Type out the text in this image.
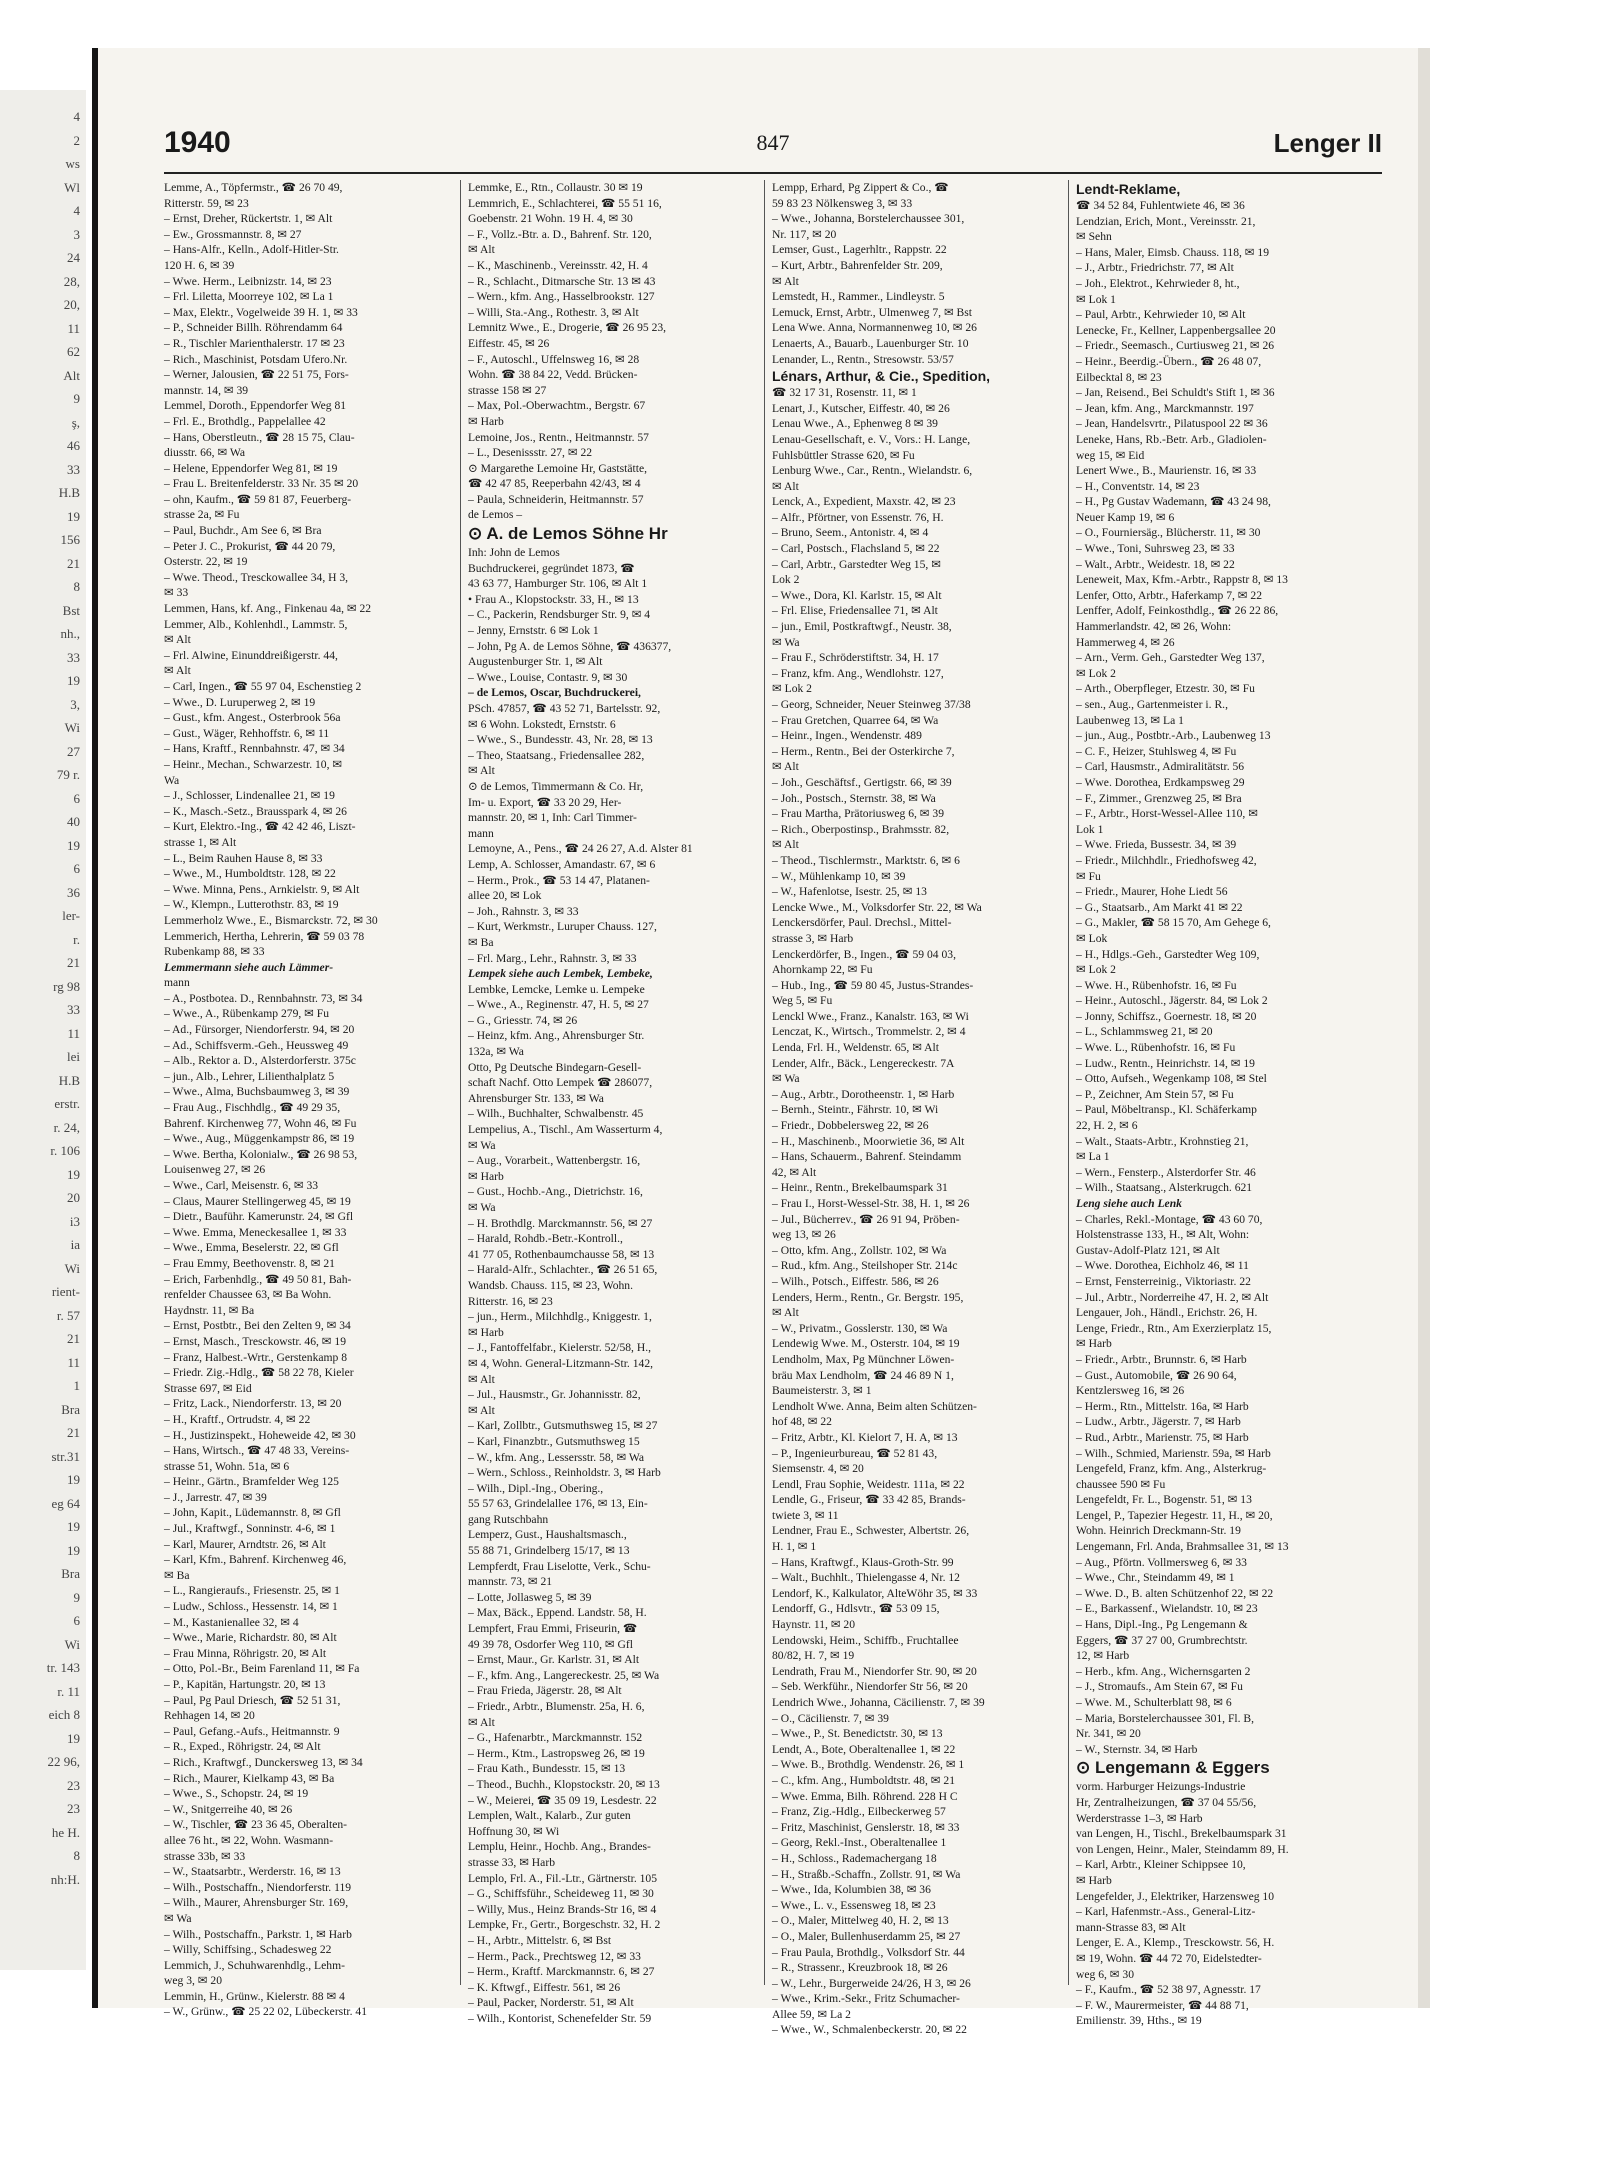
4
2
ws
Wl
4
3
24
28,
20,
11
62
Alt
9
ş,
46
33
H.B
19
156
21
8
Bst
nh.,
33
19
3,
Wi
27
79 r.
6
40
19
6
36
ler-
r.
21
rg 98
33
11
lei
H.B
erstr.
r. 24,
r. 106
19
20
i3
ia
Wi
rient-
r. 57
21
11
1
Bra
21
str.31
19
eg 64
19
19
Bra
9
6
Wi
tr. 143
r. 11
eich 8
19
22 96,
23
23
he H.
8
nh:H.
1940	847	Lenger II
Lemme, A., Töpfermstr., ☎ 26 70 49,
Ritterstr. 59, ✉ 23
– Ernst, Dreher, Rückertstr. 1, ✉ Alt
– Ew., Grossmannstr. 8, ✉ 27
– Hans-Alfr., Kelln., Adolf-Hitler-Str.
120 H. 6, ✉ 39
– Wwe. Herm., Leibnizstr. 14, ✉ 23
– Frl. Liletta, Moorreye 102, ✉ La 1
– Max, Elektr., Vogelweide 39 H. 1, ✉ 33
– P., Schneider Billh. Röhrendamm 64
– R., Tischler Marienthalerstr. 17 ✉ 23
– Rich., Maschinist, Potsdam Ufero.Nr.
– Werner, Jalousien, ☎ 22 51 75, Fors-
mannstr. 14, ✉ 39
Lemmel, Doroth., Eppendorfer Weg 81
– Frl. E., Brothdlg., Pappelallee 42
– Hans, Oberstleutn., ☎ 28 15 75, Clau-
diusstr. 66, ✉ Wa
– Helene, Eppendorfer Weg 81, ✉ 19
– Frau L. Breitenfelderstr. 33 Nr. 35 ✉ 20
– ohn, Kaufm., ☎ 59 81 87, Feuerberg-
strasse 2a, ✉ Fu
– Paul, Buchdr., Am See 6, ✉ Bra
– Peter J. C., Prokurist, ☎ 44 20 79,
Osterstr. 22, ✉ 19
– Wwe. Theod., Tresckowallee 34, H 3,
✉ 33
Lemmen, Hans, kf. Ang., Finkenau 4a, ✉ 22
Lemmer, Alb., Kohlenhdl., Lammstr. 5,
✉ Alt
– Frl. Alwine, Einunddreißigerstr. 44,
✉ Alt
– Carl, Ingen., ☎ 55 97 04, Eschenstieg 2
– Wwe., D. Luruperweg 2, ✉ 19
– Gust., kfm. Angest., Osterbrook 56a
– Gust., Wäger, Rehhoffstr. 6, ✉ 11
– Hans, Kraftf., Rennbahnstr. 47, ✉ 34
– Heinr., Mechan., Schwarzestr. 10, ✉
Wa
– J., Schlosser, Lindenallee 21, ✉ 19
– K., Masch.-Setz., Brausspark 4, ✉ 26
– Kurt, Elektro.-Ing., ☎ 42 42 46, Liszt-
strasse 1, ✉ Alt
– L., Beim Rauhen Hause 8, ✉ 33
– Wwe., M., Humboldtstr. 128, ✉ 22
– Wwe. Minna, Pens., Arnkielstr. 9, ✉ Alt
– W., Klempn., Lutterothstr. 83, ✉ 19
Lemmerholz Wwe., E., Bismarckstr. 72, ✉ 30
Lemmerich, Hertha, Lehrerin, ☎ 59 03 78
Rubenkamp 88, ✉ 33
Lemmermann siehe auch Lämmer-
mann
– A., Postbotea. D., Rennbahnstr. 73, ✉ 34
– Wwe., A., Rübenkamp 279, ✉ Fu
– Ad., Fürsorger, Niendorferstr. 94, ✉ 20
– Ad., Schiffsverm.-Geh., Heussweg 49
– Alb., Rektor a. D., Alsterdorferstr. 375c
– jun., Alb., Lehrer, Lilienthalplatz 5
– Wwe., Alma, Buchsbaumweg 3, ✉ 39
– Frau Aug., Fischhdlg., ☎ 49 29 35,
Bahrenf. Kirchenweg 77, Wohn 46, ✉ Fu
– Wwe., Aug., Müggenkampstr 86, ✉ 19
– Wwe. Bertha, Kolonialw., ☎ 26 98 53,
Louisenweg 27, ✉ 26
– Wwe., Carl, Meisenstr. 6, ✉ 33
– Claus, Maurer Stellingerweg 45, ✉ 19
– Dietr., Bauführ. Kamerunstr. 24, ✉ Gfl
– Wwe. Emma, Meneckesallee 1, ✉ 33
– Wwe., Emma, Beselerstr. 22, ✉ Gfl
– Frau Emmy, Beethovenstr. 8, ✉ 21
– Erich, Farbenhdlg., ☎ 49 50 81, Bah-
renfelder Chaussee 63, ✉ Ba Wohn.
Haydnstr. 11, ✉ Ba
– Ernst, Postbtr., Bei den Zelten 9, ✉ 34
– Ernst, Masch., Tresckowstr. 46, ✉ 19
– Franz, Halbest.-Wrtr., Gerstenkamp 8
– Friedr. Zig.-Hdlg., ☎ 58 22 78, Kieler
Strasse 697, ✉ Eid
– Fritz, Lack., Niendorferstr. 13, ✉ 20
– H., Kraftf., Ortrudstr. 4, ✉ 22
– H., Justizinspekt., Hoheweide 42, ✉ 30
– Hans, Wirtsch., ☎ 47 48 33, Vereins-
strasse 51, Wohn. 51a, ✉ 6
– Heinr., Gärtn., Bramfelder Weg 125
– J., Jarrestr. 47, ✉ 39
– John, Kapit., Lüdemannstr. 8, ✉ Gfl
– Jul., Kraftwgf., Sonninstr. 4-6, ✉ 1
– Karl, Maurer, Arndtstr. 26, ✉ Alt
– Karl, Kfm., Bahrenf. Kirchenweg 46,
✉ Ba
– L., Rangieraufs., Friesenstr. 25, ✉ 1
– Ludw., Schloss., Hessenstr. 14, ✉ 1
– M., Kastanienallee 32, ✉ 4
– Wwe., Marie, Richardstr. 80, ✉ Alt
– Frau Minna, Röhrigstr. 20, ✉ Alt
– Otto, Pol.-Br., Beim Farenland 11, ✉ Fa
– P., Kapitän, Hartungstr. 20, ✉ 13
– Paul, Pg Paul Driesch, ☎ 52 51 31,
Rehhagen 14, ✉ 20
– Paul, Gefang.-Aufs., Heitmannstr. 9
– R., Exped., Röhrigstr. 24, ✉ Alt
– Rich., Kraftwgf., Dunckersweg 13, ✉ 34
– Rich., Maurer, Kielkamp 43, ✉ Ba
– Wwe., S., Schopstr. 24, ✉ 19
– W., Snitgerreihe 40, ✉ 26
– W., Tischler, ☎ 23 36 45, Oberalten-
allee 76 ht., ✉ 22, Wohn. Wasmann-
strasse 33b, ✉ 33
– W., Staatsarbtr., Werderstr. 16, ✉ 13
– Wilh., Postschaffn., Niendorferstr. 119
– Wilh., Maurer, Ahrensburger Str. 169,
✉ Wa
– Wilh., Postschaffn., Parkstr. 1, ✉ Harb
– Willy, Schiffsing., Schadesweg 22
Lemmich, J., Schuhwarenhdlg., Lehm-
weg 3, ✉ 20
Lemmin, H., Grünw., Kielerstr. 88 ✉ 4
– W., Grünw., ☎ 25 22 02, Lübeckerstr. 41
Lemmke, E., Rtn., Collaustr. 30 ✉ 19
Lemmrich, E., Schlachterei, ☎ 55 51 16,
Goebenstr. 21 Wohn. 19 H. 4, ✉ 30
– F., Vollz.-Btr. a. D., Bahrenf. Str. 120,
✉ Alt
– K., Maschinenb., Vereinsstr. 42, H. 4
– R., Schlacht., Ditmarsche Str. 13 ✉ 43
– Wern., kfm. Ang., Hasselbrookstr. 127
– Willi, Sta.-Ang., Rothestr. 3, ✉ Alt
Lemnitz Wwe., E., Drogerie, ☎ 26 95 23,
Eiffestr. 45, ✉ 26
– F., Autoschl., Uffelnsweg 16, ✉ 28
Wohn. ☎ 38 84 22, Vedd. Brücken-
strasse 158 ✉ 27
– Max, Pol.-Oberwachtm., Bergstr. 67
✉ Harb
Lemoine, Jos., Rentn., Heitmannstr. 57
– L., Desenissstr. 27, ✉ 22
⊙ Margarethe Lemoine Hr, Gaststätte,
☎ 42 47 85, Reeperbahn 42/43, ✉ 4
– Paula, Schneiderin, Heitmannstr. 57
de Lemos –
⊙ A. de Lemos Söhne Hr
Inh: John de Lemos
Buchdruckerei, gegründet 1873, ☎
43 63 77, Hamburger Str. 106, ✉ Alt 1
• Frau A., Klopstockstr. 33, H., ✉ 13
– C., Packerin, Rendsburger Str. 9, ✉ 4
– Jenny, Ernststr. 6 ✉ Lok 1
– John, Pg A. de Lemos Söhne, ☎ 436377,
Augustenburger Str. 1, ✉ Alt
– Wwe., Louise, Contastr. 9, ✉ 30
– de Lemos, Oscar, Buchdruckerei,
PSch. 47857, ☎ 43 52 71, Bartelsstr. 92,
✉ 6 Wohn. Lokstedt, Ernststr. 6
– Wwe., S., Bundesstr. 43, Nr. 28, ✉ 13
– Theo, Staatsang., Friedensallee 282,
✉ Alt
⊙ de Lemos, Timmermann & Co. Hr,
Im- u. Export, ☎ 33 20 29, Her-
mannstr. 20, ✉ 1, Inh: Carl Timmer-
mann
Lemoyne, A., Pens., ☎ 24 26 27, A.d. Alster 81
Lemp, A. Schlosser, Amandastr. 67, ✉ 6
– Herm., Prok., ☎ 53 14 47, Platanen-
allee 20, ✉ Lok
– Joh., Rahnstr. 3, ✉ 33
– Kurt, Werkmstr., Luruper Chauss. 127,
✉ Ba
– Frl. Marg., Lehr., Rahnstr. 3, ✉ 33
Lempek siehe auch Lembek, Lembeke,
Lembke, Lemcke, Lemke u. Lempeke
– Wwe., A., Reginenstr. 47, H. 5, ✉ 27
– G., Griesstr. 74, ✉ 26
– Heinz, kfm. Ang., Ahrensburger Str.
132a, ✉ Wa
Otto, Pg Deutsche Bindegarn-Gesell-
schaft Nachf. Otto Lempek ☎ 286077,
Ahrensburger Str. 133, ✉ Wa
– Wilh., Buchhalter, Schwalbenstr. 45
Lempelius, A., Tischl., Am Wasserturm 4,
✉ Wa
– Aug., Vorarbeit., Wattenbergstr. 16,
✉ Harb
– Gust., Hochb.-Ang., Dietrichstr. 16,
✉ Wa
– H. Brothdlg. Marckmannstr. 56, ✉ 27
– Harald, Rohdb.-Betr.-Kontroll.,
41 77 05, Rothenbaumchausse 58, ✉ 13
– Harald-Alfr., Schlachter., ☎ 26 51 65,
Wandsb. Chauss. 115, ✉ 23, Wohn.
Ritterstr. 16, ✉ 23
– jun., Herm., Milchhdlg., Kniggestr. 1,
✉ Harb
– J., Fantoffelfabr., Kielerstr. 52/58, H.,
✉ 4, Wohn. General-Litzmann-Str. 142,
✉ Alt
– Jul., Hausmstr., Gr. Johannisstr. 82,
✉ Alt
– Karl, Zollbtr., Gutsmuthsweg 15, ✉ 27
– Karl, Finanzbtr., Gutsmuthsweg 15
– W., kfm. Ang., Lessersstr. 58, ✉ Wa
– Wern., Schloss., Reinholdstr. 3, ✉ Harb
– Wilh., Dipl.-Ing., Obering.,
55 57 63, Grindelallee 176, ✉ 13, Ein-
gang Rutschbahn
Lemperz, Gust., Haushaltsmasch.,
55 88 71, Grindelberg 15/17, ✉ 13
Lempferdt, Frau Liselotte, Verk., Schu-
mannstr. 73, ✉ 21
– Lotte, Jollasweg 5, ✉ 39
– Max, Bäck., Eppend. Landstr. 58, H.
Lempfert, Frau Emmi, Friseurin, ☎
49 39 78, Osdorfer Weg 110, ✉ Gfl
– Ernst, Maur., Gr. Karlstr. 31, ✉ Alt
– F., kfm. Ang., Langereckestr. 25, ✉ Wa
– Frau Frieda, Jägerstr. 28, ✉ Alt
– Friedr., Arbtr., Blumenstr. 25a, H. 6,
✉ Alt
– G., Hafenarbtr., Marckmannstr. 152
– Herm., Ktm., Lastropsweg 26, ✉ 19
– Frau Kath., Bundesstr. 15, ✉ 13
– Theod., Buchh., Klopstockstr. 20, ✉ 13
– W., Meierei, ☎ 35 09 19, Lesdestr. 22
Lemplen, Walt., Kalarb., Zur guten
Hoffnung 30, ✉ Wi
Lemplu, Heinr., Hochb. Ang., Brandes-
strasse 33, ✉ Harb
Lemplo, Frl. A., Fil.-Ltr., Gärtnerstr. 105
– G., Schiffsführ., Scheideweg 11, ✉ 30
– Willy, Mus., Heinz Brands-Str 16, ✉ 4
Lempke, Fr., Gertr., Borgeschstr. 32, H. 2
– H., Arbtr., Mittelstr. 6, ✉ Bst
– Herm., Pack., Prechtsweg 12, ✉ 33
– Herm., Kraftf. Marckmannstr. 6, ✉ 27
– K. Kftwgf., Eiffestr. 561, ✉ 26
– Paul, Packer, Norderstr. 51, ✉ Alt
– Wilh., Kontorist, Schenefelder Str. 59
Lempp, Erhard, Pg Zippert & Co., ☎
59 83 23 Nölkensweg 3, ✉ 33
– Wwe., Johanna, Borstelerchaussee 301,
Nr. 117, ✉ 20
Lemser, Gust., Lagerhltr., Rappstr. 22
– Kurt, Arbtr., Bahrenfelder Str. 209,
✉ Alt
Lemstedt, H., Rammer., Lindleystr. 5
Lemuck, Ernst, Arbtr., Ulmenweg 7, ✉ Bst
Lena Wwe. Anna, Normannenweg 10, ✉ 26
Lenaerts, A., Bauarb., Lauenburger Str. 10
Lenander, L., Rentn., Stresowstr. 53/57
Lénars, Arthur, & Cie., Spedition,
☎ 32 17 31, Rosenstr. 11, ✉ 1
Lenart, J., Kutscher, Eiffestr. 40, ✉ 26
Lenau Wwe., A., Ephenweg 8 ✉ 39
Lenau-Gesellschaft, e. V., Vors.: H. Lange,
Fuhlsbüttler Strasse 620, ✉ Fu
Lenburg Wwe., Car., Rentn., Wielandstr. 6,
✉ Alt
Lenck, A., Expedient, Maxstr. 42, ✉ 23
– Alfr., Pförtner, von Essenstr. 76, H.
– Bruno, Seem., Antonistr. 4, ✉ 4
– Carl, Postsch., Flachsland 5, ✉ 22
– Carl, Arbtr., Garstedter Weg 15, ✉
Lok 2
– Wwe., Dora, Kl. Karlstr. 15, ✉ Alt
– Frl. Elise, Friedensallee 71, ✉ Alt
– jun., Emil, Postkraftwgf., Neustr. 38,
✉ Wa
– Frau F., Schröderstiftstr. 34, H. 17
– Franz, kfm. Ang., Wendlohstr. 127,
✉ Lok 2
– Georg, Schneider, Neuer Steinweg 37/38
– Frau Gretchen, Quarree 64, ✉ Wa
– Heinr., Ingen., Wendenstr. 489
– Herm., Rentn., Bei der Osterkirche 7,
✉ Alt
– Joh., Geschäftsf., Gertigstr. 66, ✉ 39
– Joh., Postsch., Sternstr. 38, ✉ Wa
– Frau Martha, Prätoriusweg 6, ✉ 39
– Rich., Oberpostinsp., Brahmsstr. 82,
✉ Alt
– Theod., Tischlermstr., Marktstr. 6, ✉ 6
– W., Mühlenkamp 10, ✉ 39
– W., Hafenlotse, Isestr. 25, ✉ 13
Lencke Wwe., M., Volksdorfer Str. 22, ✉ Wa
Lenckersdörfer, Paul. Drechsl., Mittel-
strasse 3, ✉ Harb
Lenckerdörfer, B., Ingen., ☎ 59 04 03,
Ahornkamp 22, ✉ Fu
– Hub., Ing., ☎ 59 80 45, Justus-Strandes-
Weg 5, ✉ Fu
Lenckl Wwe., Franz., Kanalstr. 163, ✉ Wi
Lenczat, K., Wirtsch., Trommelstr. 2, ✉ 4
Lenda, Frl. H., Weldenstr. 65, ✉ Alt
Lender, Alfr., Bäck., Lengereckestr. 7A
✉ Wa
– Aug., Arbtr., Dorotheenstr. 1, ✉ Harb
– Bernh., Steintr., Fährstr. 10, ✉ Wi
– Friedr., Dobbelersweg 22, ✉ 26
– H., Maschinenb., Moorwietie 36, ✉ Alt
– Hans, Schauerm., Bahrenf. Steindamm
42, ✉ Alt
– Heinr., Rentn., Brekelbaumspark 31
– Frau I., Horst-Wessel-Str. 38, H. 1, ✉ 26
– Jul., Bücherrev., ☎ 26 91 94, Pröben-
weg 13, ✉ 26
– Otto, kfm. Ang., Zollstr. 102, ✉ Wa
– Rud., kfm. Ang., Steilshoper Str. 214c
– Wilh., Potsch., Eiffestr. 586, ✉ 26
Lenders, Herm., Rentn., Gr. Bergstr. 195,
✉ Alt
– W., Privatm., Gosslerstr. 130, ✉ Wa
Lendewig Wwe. M., Osterstr. 104, ✉ 19
Lendholm, Max, Pg Münchner Löwen-
bräu Max Lendholm, ☎ 24 46 89 N 1,
Baumeisterstr. 3, ✉ 1
Lendholt Wwe. Anna, Beim alten Schützen-
hof 48, ✉ 22
– Fritz, Arbtr., Kl. Kielort 7, H. A, ✉ 13
– P., Ingenieurbureau, ☎ 52 81 43,
Siemsenstr. 4, ✉ 20
Lendl, Frau Sophie, Weidestr. 111a, ✉ 22
Lendle, G., Friseur, ☎ 33 42 85, Brands-
twiete 3, ✉ 11
Lendner, Frau E., Schwester, Albertstr. 26,
H. 1, ✉ 1
– Hans, Kraftwgf., Klaus-Groth-Str. 99
– Walt., Buchhlt., Thielengasse 4, Nr. 12
Lendorf, K., Kalkulator, AlteWöhr 35, ✉ 33
Lendorff, G., Hdlsvtr., ☎ 53 09 15,
Haynstr. 11, ✉ 20
Lendowski, Heim., Schiffb., Fruchtallee
80/82, H. 7, ✉ 19
Lendrath, Frau M., Niendorfer Str. 90, ✉ 20
– Seb. Werkführ., Niendorfer Str 56, ✉ 20
Lendrich Wwe., Johanna, Cäcilienstr. 7, ✉ 39
– O., Cäcilienstr. 7, ✉ 39
– Wwe., P., St. Benedictstr. 30, ✉ 13
Lendt, A., Bote, Oberaltenallee 1, ✉ 22
– Wwe. B., Brothdlg. Wendenstr. 26, ✉ 1
– C., kfm. Ang., Humboldtstr. 48, ✉ 21
– Wwe. Emma, Bilh. Röhrend. 228 H C
– Franz, Zig.-Hdlg., Eilbeckerweg 57
– Fritz, Maschinist, Genslerstr. 18, ✉ 33
– Georg, Rekl.-Inst., Oberaltenallee 1
– H., Schloss., Rademachergang 18
– H., Straßb.-Schaffn., Zollstr. 91, ✉ Wa
– Wwe., Ida, Kolumbien 38, ✉ 36
– Wwe., L. v., Essensweg 18, ✉ 23
– O., Maler, Mittelweg 40, H. 2, ✉ 13
– O., Maler, Bullenhuserdamm 25, ✉ 27
– Frau Paula, Brothdlg., Volksdorf Str. 44
– R., Strassenr., Kreuzbrook 18, ✉ 26
– W., Lehr., Burgerweide 24/26, H 3, ✉ 26
– Wwe., Krim.-Sekr., Fritz Schumacher-
Allee 59, ✉ La 2
– Wwe., W., Schmalenbeckerstr. 20, ✉ 22
Lendt-Reklame,
☎ 34 52 84, Fuhlentwiete 46, ✉ 36
Lendzian, Erich, Mont., Vereinsstr. 21,
✉ Sehn
– Hans, Maler, Eimsb. Chauss. 118, ✉ 19
– J., Arbtr., Friedrichstr. 77, ✉ Alt
– Joh., Elektrot., Kehrwieder 8, ht.,
✉ Lok 1
– Paul, Arbtr., Kehrwieder 10, ✉ Alt
Lenecke, Fr., Kellner, Lappenbergsallee 20
– Friedr., Seemasch., Curtiusweg 21, ✉ 26
– Heinr., Beerdig.-Übern., ☎ 26 48 07,
Eilbecktal 8, ✉ 23
– Jan, Reisend., Bei Schuldt's Stift 1, ✉ 36
– Jean, kfm. Ang., Marckmannstr. 197
– Jean, Handelsvrtr., Pilatuspool 22 ✉ 36
Leneke, Hans, Rb.-Betr. Arb., Gladiolen-
weg 15, ✉ Eid
Lenert Wwe., B., Maurienstr. 16, ✉ 33
– H., Conventstr. 14, ✉ 23
– H., Pg Gustav Wademann, ☎ 43 24 98,
Neuer Kamp 19, ✉ 6
– O., Fourniersäg., Blücherstr. 11, ✉ 30
– Wwe., Toni, Suhrsweg 23, ✉ 33
– Walt., Arbtr., Weidestr. 18, ✉ 22
Leneweit, Max, Kfm.-Arbtr., Rappstr 8, ✉ 13
Lenfer, Otto, Arbtr., Haferkamp 7, ✉ 22
Lenffer, Adolf, Feinkosthdlg., ☎ 26 22 86,
Hammerlandstr. 42, ✉ 26, Wohn:
Hammerweg 4, ✉ 26
– Arn., Verm. Geh., Garstedter Weg 137,
✉ Lok 2
– Arth., Oberpfleger, Etzestr. 30, ✉ Fu
– sen., Aug., Gartenmeister i. R.,
Laubenweg 13, ✉ La 1
– jun., Aug., Postbtr.-Arb., Laubenweg 13
– C. F., Heizer, Stuhlsweg 4, ✉ Fu
– Carl, Hausmstr., Admiralitätstr. 56
– Wwe. Dorothea, Erdkampsweg 29
– F., Zimmer., Grenzweg 25, ✉ Bra
– F., Arbtr., Horst-Wessel-Allee 110, ✉
Lok 1
– Wwe. Frieda, Bussestr. 34, ✉ 39
– Friedr., Milchhdlr., Friedhofsweg 42,
✉ Fu
– Friedr., Maurer, Hohe Liedt 56
– G., Staatsarb., Am Markt 41 ✉ 22
– G., Makler, ☎ 58 15 70, Am Gehege 6,
✉ Lok
– H., Hdlgs.-Geh., Garstedter Weg 109,
✉ Lok 2
– Wwe. H., Rübenhofstr. 16, ✉ Fu
– Heinr., Autoschl., Jägerstr. 84, ✉ Lok 2
– Jonny, Schiffsz., Goernestr. 18, ✉ 20
– L., Schlammsweg 21, ✉ 20
– Wwe. L., Rübenhofstr. 16, ✉ Fu
– Ludw., Rentn., Heinrichstr. 14, ✉ 19
– Otto, Aufseh., Wegenkamp 108, ✉ Stel
– P., Zeichner, Am Stein 57, ✉ Fu
– Paul, Möbeltransp., Kl. Schäferkamp
22, H. 2, ✉ 6
– Walt., Staats-Arbtr., Krohnstieg 21,
✉ La 1
– Wern., Fensterp., Alsterdorfer Str. 46
– Wilh., Staatsang., Alsterkrugch. 621
Leng siehe auch Lenk
– Charles, Rekl.-Montage, ☎ 43 60 70,
Holstenstrasse 133, H., ✉ Alt, Wohn:
Gustav-Adolf-Platz 121, ✉ Alt
– Wwe. Dorothea, Eichholz 46, ✉ 11
– Ernst, Fensterreinig., Viktoriastr. 22
– Jul., Arbtr., Norderreihe 47, H. 2, ✉ Alt
Lengauer, Joh., Händl., Erichstr. 26, H.
Lenge, Friedr., Rtn., Am Exerzierplatz 15,
✉ Harb
– Friedr., Arbtr., Brunnstr. 6, ✉ Harb
– Gust., Automobile, ☎ 26 90 64,
Kentzlersweg 16, ✉ 26
– Herm., Rtn., Mittelstr. 16a, ✉ Harb
– Ludw., Arbtr., Jägerstr. 7, ✉ Harb
– Rud., Arbtr., Marienstr. 75, ✉ Harb
– Wilh., Schmied, Marienstr. 59a, ✉ Harb
Lengefeld, Franz, kfm. Ang., Alsterkrug-
chaussee 590 ✉ Fu
Lengefeldt, Fr. L., Bogenstr. 51, ✉ 13
Lengel, P., Tapezier Hegestr. 11, H., ✉ 20,
Wohn. Heinrich Dreckmann-Str. 19
Lengemann, Frl. Anda, Brahmsallee 31, ✉ 13
– Aug., Pförtn. Vollmersweg 6, ✉ 33
– Wwe., Chr., Steindamm 49, ✉ 1
– Wwe. D., B. alten Schützenhof 22, ✉ 22
– E., Barkassenf., Wielandstr. 10, ✉ 23
– Hans, Dipl.-Ing., Pg Lengemann &
Eggers, ☎ 37 27 00, Grumbrechtstr.
12, ✉ Harb
– Herb., kfm. Ang., Wichernsgarten 2
– J., Stromaufs., Am Stein 67, ✉ Fu
– Wwe. M., Schulterblatt 98, ✉ 6
– Maria, Borstelerchaussee 301, Fl. B,
Nr. 341, ✉ 20
– W., Sternstr. 34, ✉ Harb
⊙ Lengemann & Eggers
vorm. Harburger Heizungs-Industrie
Hr, Zentralheizungen, ☎ 37 04 55/56,
Werderstrasse 1–3, ✉ Harb
van Lengen, H., Tischl., Brekelbaumspark 31
von Lengen, Heinr., Maler, Steindamm 89, H.
– Karl, Arbtr., Kleiner Schippsee 10,
✉ Harb
Lengefelder, J., Elektriker, Harzensweg 10
– Karl, Hafenmstr.-Ass., General-Litz-
mann-Strasse 83, ✉ Alt
Lenger, E. A., Klemp., Tresckowstr. 56, H.
✉ 19, Wohn. ☎ 44 72 70, Eidelstedter-
weg 6, ✉ 30
– F., Kaufm., ☎ 52 38 97, Agnesstr. 17
– F. W., Maurermeister, ☎ 44 88 71,
Emilienstr. 39, Hths., ✉ 19
